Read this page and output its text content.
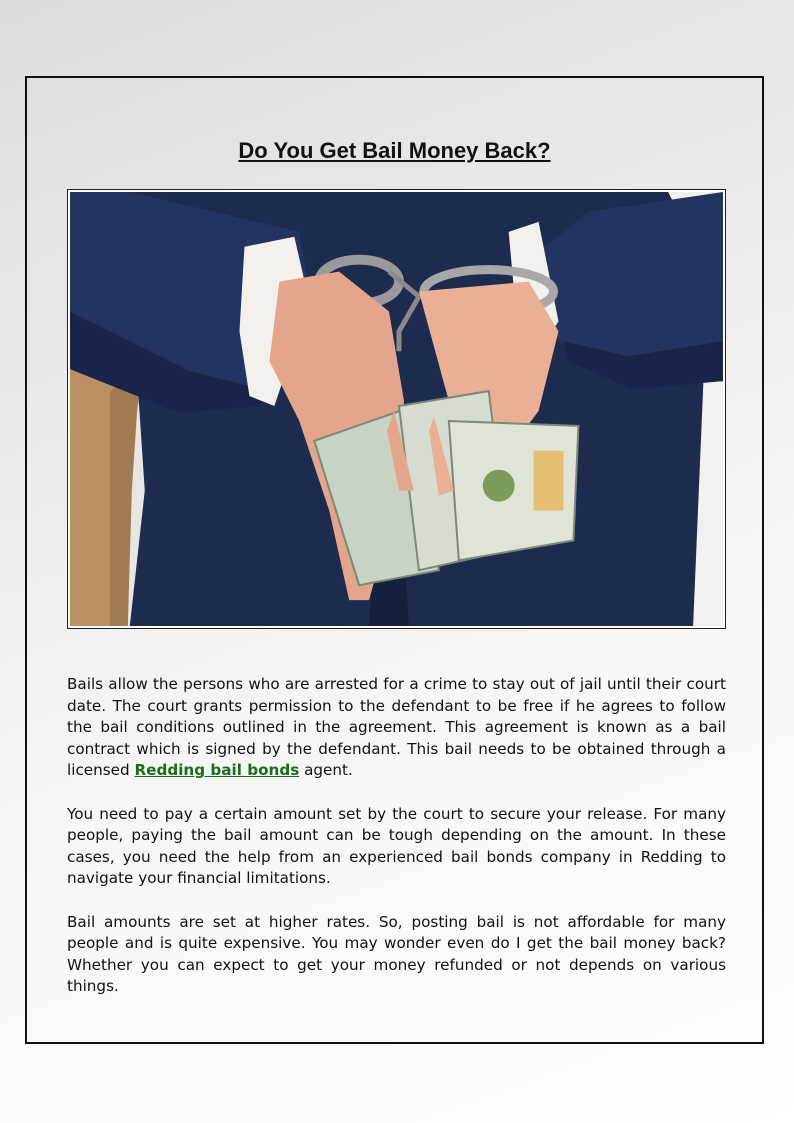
Do You Get Bail Money Back?

Bails allow the persons who are arrested for a crime to stay out of jail until their court date. The court grants permission to the defendant to be free if he agrees to follow the bail conditions outlined in the agreement. This agreement is known as a bail contract which is signed by the defendant. This bail needs to be obtained through a licensed Redding bail bonds agent.

You need to pay a certain amount set by the court to secure your release. For many people, paying the bail amount can be tough depending on the amount. In these cases, you need the help from an experienced bail bonds company in Redding to navigate your financial limitations.

Bail amounts are set at higher rates. So, posting bail is not affordable for many people and is quite expensive. You may wonder even do I get the bail money back? Whether you can expect to get your money refunded or not depends on various things.
